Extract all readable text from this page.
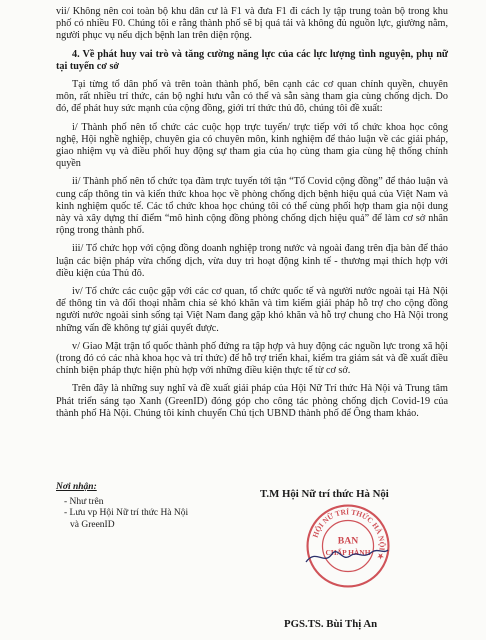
vii/ Không nên coi toàn bộ khu dân cư là F1 và đưa F1 đi cách ly tập trung toàn bộ trong khu phố có nhiều F0. Chúng tôi e rằng thành phố sẽ bị quá tải và không đủ nguồn lực, giường nằm, người phục vụ nếu dịch bệnh lan trên diện rộng.

4. Về phát huy vai trò và tăng cường năng lực của các lực lượng tình nguyện, phụ nữ tại tuyến cơ sở

Tại từng tổ dân phố và trên toàn thành phố, bên cạnh các cơ quan chính quyền, chuyên môn, rất nhiều trí thức, cán bộ nghỉ hưu vẫn có thể và sẵn sàng tham gia cùng chống dịch. Do đó, để phát huy sức mạnh của cộng đồng, giới trí thức thủ đô, chúng tôi đề xuất:

i/ Thành phố nên tổ chức các cuộc họp trực tuyến/ trực tiếp với tổ chức khoa học công nghệ, Hội nghề nghiệp, chuyên gia có chuyên môn, kinh nghiệm để thảo luận về các giải pháp, giao nhiệm vụ và điều phối huy động sự tham gia của họ cùng tham gia cùng hệ thống chính quyền

ii/ Thành phố nên tổ chức tọa đàm trực tuyến tới tận “Tổ Covid cộng đồng” để thảo luận và cung cấp thông tin và kiến thức khoa học về phòng chống dịch bệnh hiệu quả của Việt Nam và kinh nghiệm quốc tế. Các tổ chức khoa học chúng tôi có thể cùng phối hợp tham gia nội dung này và xây dựng thí điểm “mô hình cộng đồng phòng chống dịch hiệu quả” để làm cơ sở nhân rộng trong thành phố.

iii/ Tổ chức họp với cộng đồng doanh nghiệp trong nước và ngoài đang trên địa bàn để thảo luận các biện pháp vừa chống dịch, vừa duy trì hoạt động kinh tế - thương mại thích hợp với điều kiện của Thủ đô.

iv/ Tổ chức các cuộc gặp với các cơ quan, tổ chức quốc tế và người nước ngoài tại Hà Nội để thông tin và đối thoại nhằm chia sẻ khó khăn và tìm kiếm giải pháp hỗ trợ cho cộng đồng người nước ngoài sinh sống tại Việt Nam đang gặp khó khăn và hỗ trợ chung cho Hà Nội trong những vấn đề không tự giải quyết được.

v/ Giao Mặt trận tổ quốc thành phố đứng ra tập hợp và huy động các nguồn lực trong xã hội (trong đó có các nhà khoa học và trí thức) để hỗ trợ triển khai, kiểm tra giám sát và đề xuất điều chỉnh biện pháp thực hiện phù hợp với những điều kiện thực tế từ cơ sở.

Trên đây là những suy nghĩ và đề xuất giải pháp của Hội Nữ Trí thức Hà Nội và Trung tâm Phát triển sáng tạo Xanh (GreenID) đóng góp cho công tác phòng chống dịch Covid-19 của thành phố Hà Nội. Chúng tôi kính chuyển Chủ tịch UBND thành phố để Ông tham khảo.

Nơi nhận:
- Như trên
- Lưu vp Hội Nữ trí thức Hà Nội
và GreenID
T.M Hội Nữ trí thức Hà Nội
HỘI NỮ TRÍ THỨC HÀ NỘI ★
BAN
CHẤP HÀNH
PGS.TS. Bùi Thị An
